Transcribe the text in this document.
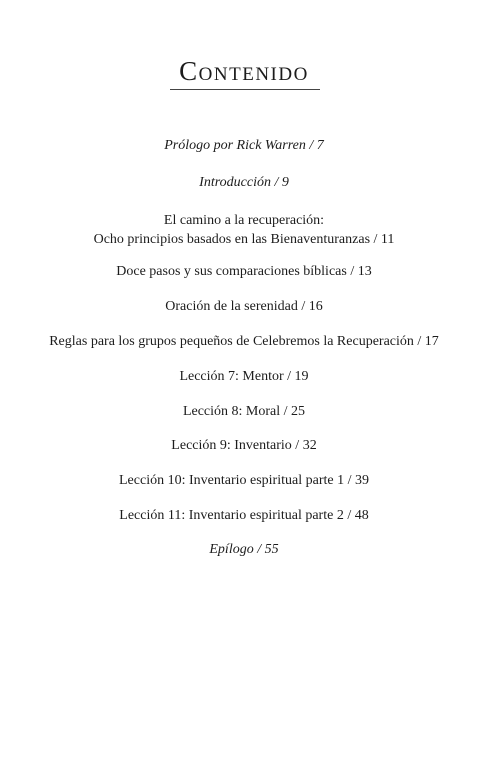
Contenido
Prólogo por Rick Warren / 7
Introducción / 9
El camino a la recuperación:
Ocho principios basados en las Bienaventuranzas / 11
Doce pasos y sus comparaciones bíblicas / 13
Oración de la serenidad / 16
Reglas para los grupos pequeños de Celebremos la Recuperación / 17
Lección 7: Mentor / 19
Lección 8: Moral / 25
Lección 9: Inventario / 32
Lección 10: Inventario espiritual parte 1 / 39
Lección 11: Inventario espiritual parte 2 / 48
Epílogo / 55
